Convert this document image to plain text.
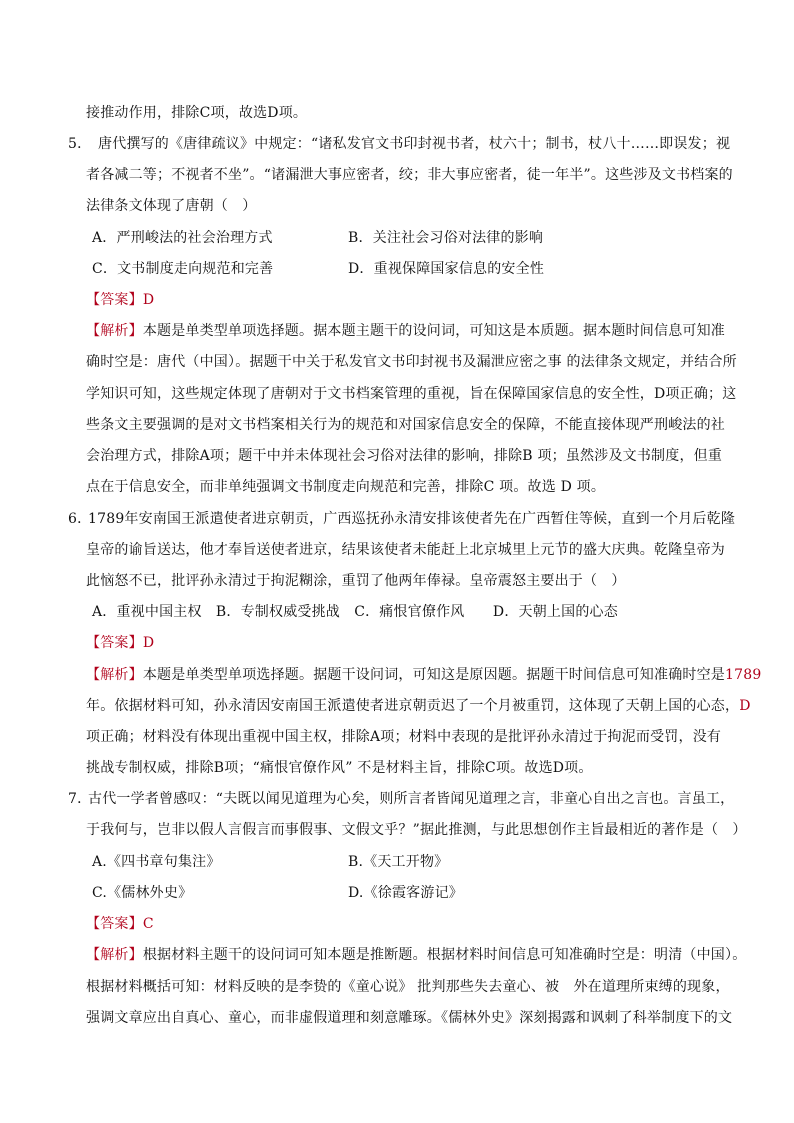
接推动作用，排除C项，故选D项。
5． 唐代撰写的《唐律疏议》中规定：“诸私发官文书印封视书者，杖六十；制书，杖八十……即误发；视
者各减二等；不视者不坐”。“诸漏泄大事应密者，绞；非大事应密者，徒一年半”。这些涉及文书档案的
法律条文体现了唐朝（　）
A．严刑峻法的社会治理方式	B．关注社会习俗对法律的影响
C．文书制度走向规范和完善	D．重视保障国家信息的安全性
【答案】D
【解析】本题是单类型单项选择题。据本题主题干的设问词，可知这是本质题。据本题时间信息可知准
确时空是：唐代（中国）。据题干中关于私发官文书印封视书及漏泄应密之事 的法律条文规定，并结合所
学知识可知，这些规定体现了唐朝对于文书档案管理的重视，旨在保障国家信息的安全性，D项正确；这
些条文主要强调的是对文书档案相关行为的规范和对国家信息安全的保障，不能直接体现严刑峻法的社
会治理方式，排除A项；题干中并未体现社会习俗对法律的影响，排除B 项；虽然涉及文书制度，但重
点在于信息安全，而非单纯强调文书制度走向规范和完善，排除C 项。故选 D 项。
6．
1789年安南国王派遣使者进京朝贡，广西巡抚孙永清安排该使者先在广西暂住等候，直到一个月后乾隆
皇帝的谕旨送达，他才奉旨送使者进京，结果该使者未能赶上北京城里上元节的盛大庆典。乾隆皇帝为
此恼怒不已，批评孙永清过于拘泥糊涂，重罚了他两年俸禄。皇帝震怒主要出于（　）
A．重视中国主权　B．专制权威受挑战　C．痛恨官僚作风　　D．天朝上国的心态
【答案】D
【解析】本题是单类型单项选择题。据题干设问词，可知这是原因题。据题干时间信息可知准确时空是1789
年。依据材料可知，孙永清因安南国王派遣使者进京朝贡迟了一个月被重罚，这体现了天朝上国的心态，D
项正确；材料没有体现出重视中国主权，排除A项；材料中表现的是批评孙永清过于拘泥而受罚，没有
挑战专制权威，排除B项；“痛恨官僚作风” 不是材料主旨，排除C项。故选D项。
7．
古代一学者曾感叹：“夫既以闻见道理为心矣，则所言者皆闻见道理之言，非童心自出之言也。言虽工，
于我何与，岂非以假人言假言而事假事、文假文乎？”据此推测，与此思想创作主旨最相近的著作是（　）
A.《四书章句集注》	B.《天工开物》
C.《儒林外史》	D.《徐霞客游记》
【答案】C
【解析】根据材料主题干的设问词可知本题是推断题。根据材料时间信息可知准确时空是：明清（中国）。
根据材料概括可知：材料反映的是李贽的《童心说》 批判那些失去童心、被　外在道理所束缚的现象，
强调文章应出自真心、童心，而非虚假道理和刻意雕琢。《儒林外史》深刻揭露和讽刺了科举制度下的文
